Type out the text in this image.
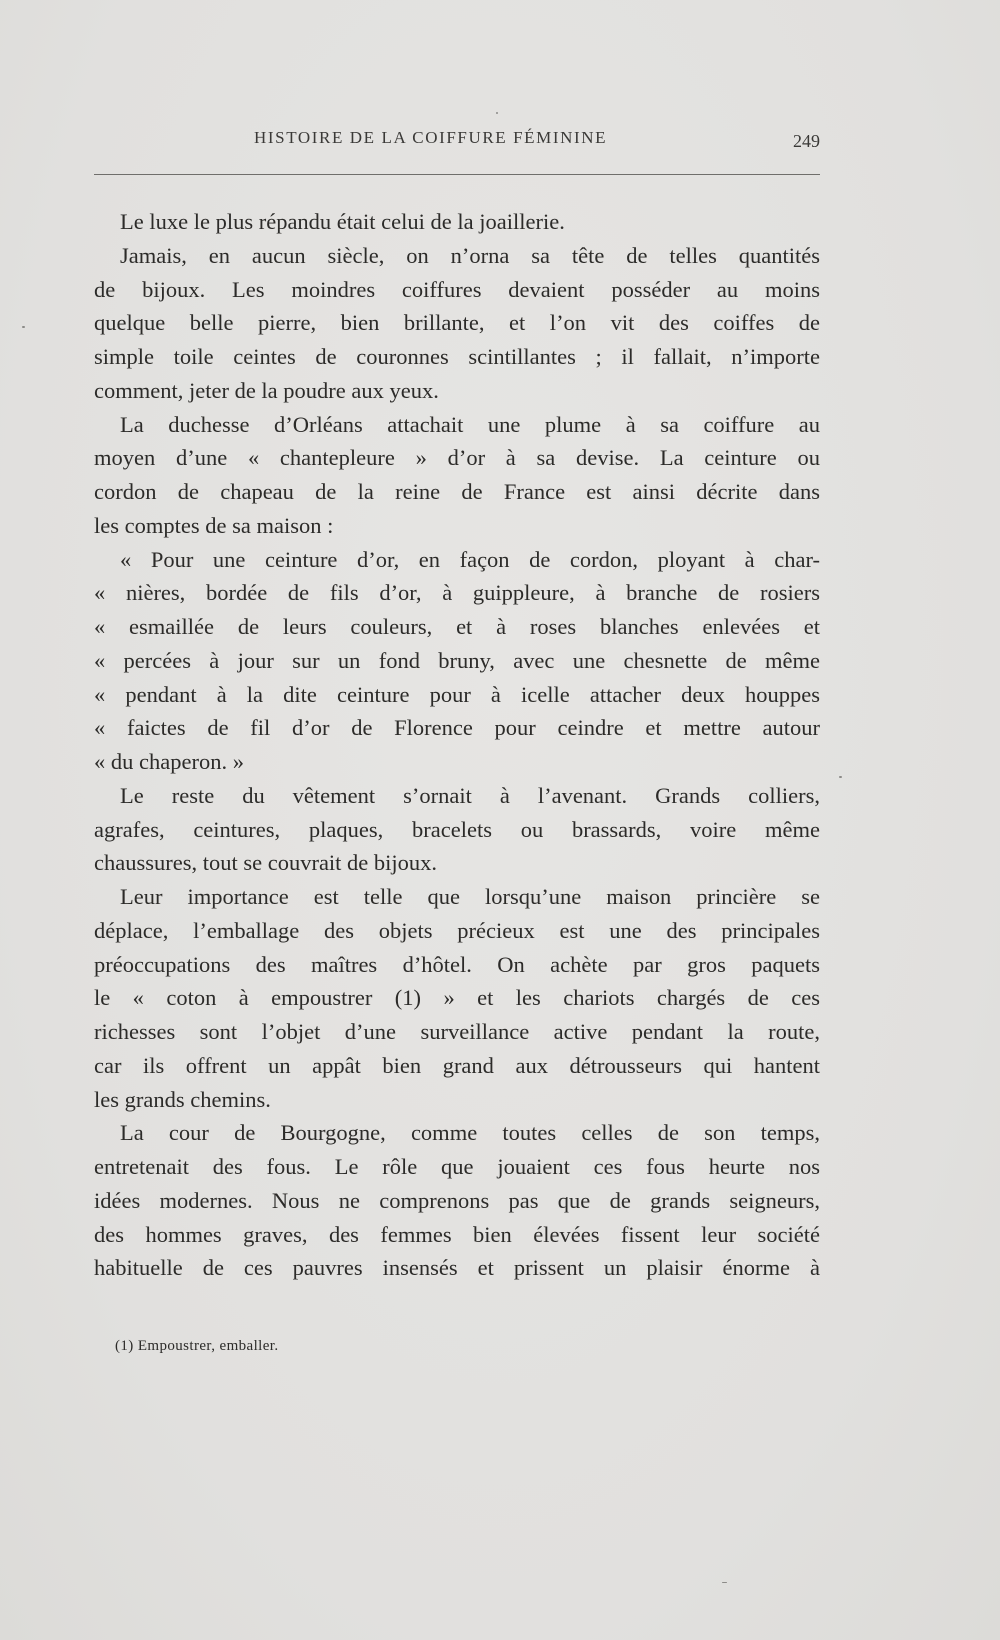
HISTOIRE DE LA COIFFURE FÉMININE	249
Le luxe le plus répandu était celui de la joaillerie.
Jamais, en aucun siècle, on n’orna sa tête de telles quantités
de bijoux. Les moindres coiffures devaient posséder au moins
quelque belle pierre, bien brillante, et l’on vit des coiffes de
simple toile ceintes de couronnes scintillantes ; il fallait, n’importe
comment, jeter de la poudre aux yeux.
La duchesse d’Orléans attachait une plume à sa coiffure au
moyen d’une « chantepleure » d’or à sa devise. La ceinture ou
cordon de chapeau de la reine de France est ainsi décrite dans
les comptes de sa maison :
« Pour une ceinture d’or, en façon de cordon, ployant à char-
« nières, bordée de fils d’or, à guippleure, à branche de rosiers
« esmaillée de leurs couleurs, et à roses blanches enlevées et
« percées à jour sur un fond bruny, avec une chesnette de même
« pendant à la dite ceinture pour à icelle attacher deux houppes
« faictes de fil d’or de Florence pour ceindre et mettre autour
« du chaperon. »
Le reste du vêtement s’ornait à l’avenant. Grands colliers,
agrafes, ceintures, plaques, bracelets ou brassards, voire même
chaussures, tout se couvrait de bijoux.
Leur importance est telle que lorsqu’une maison princière se
déplace, l’emballage des objets précieux est une des principales
préoccupations des maîtres d’hôtel. On achète par gros paquets
le « coton à empoustrer (1) » et les chariots chargés de ces
richesses sont l’objet d’une surveillance active pendant la route,
car ils offrent un appât bien grand aux détrousseurs qui hantent
les grands chemins.
La cour de Bourgogne, comme toutes celles de son temps,
entretenait des fous. Le rôle que jouaient ces fous heurte nos
idées modernes. Nous ne comprenons pas que de grands seigneurs,
des hommes graves, des femmes bien élevées fissent leur société
habituelle de ces pauvres insensés et prissent un plaisir énorme à
(1) Empoustrer, emballer.
